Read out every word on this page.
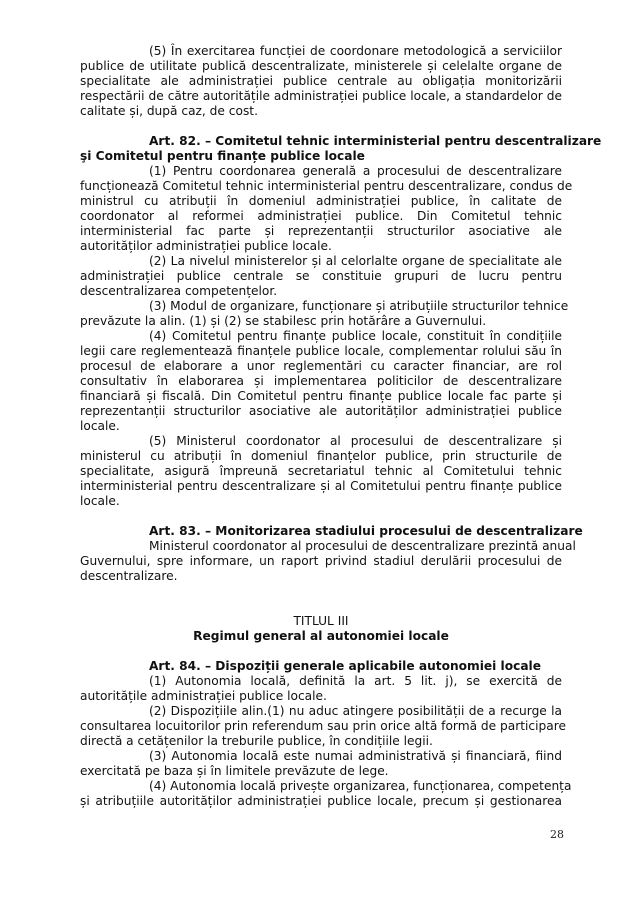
(5) În exercitarea funcției de coordonare metodologică a serviciilor
publice de utilitate publică descentralizate, ministerele și celelalte organe de
specialitate ale administrației publice centrale au obligația monitorizării
respectării de către autoritățile administrației publice locale, a standardelor de
calitate și, după caz, de cost.
Art. 82. – Comitetul tehnic interministerial pentru descentralizare
şi Comitetul pentru finanțe publice locale
(1) Pentru coordonarea generală a procesului de descentralizare
funcționează Comitetul tehnic interministerial pentru descentralizare, condus de
ministrul cu atribuții în domeniul administrației publice, în calitate de
coordonator al reformei administrației publice. Din Comitetul tehnic
interministerial fac parte și reprezentanții structurilor asociative ale
autorităților administrației publice locale.
(2) La nivelul ministerelor și al celorlalte organe de specialitate ale
administrației publice centrale se constituie grupuri de lucru pentru
descentralizarea competențelor.
(3) Modul de organizare, funcționare și atribuțiile structurilor tehnice
prevăzute la alin. (1) și (2) se stabilesc prin hotărâre a Guvernului.
(4) Comitetul pentru finanțe publice locale, constituit în condițiile
legii care reglementează finanțele publice locale, complementar rolului său în
procesul de elaborare a unor reglementări cu caracter financiar, are rol
consultativ în elaborarea și implementarea politicilor de descentralizare
financiară și fiscală. Din Comitetul pentru finanțe publice locale fac parte și
reprezentanții structurilor asociative ale autorităților administrației publice
locale.
(5) Ministerul coordonator al procesului de descentralizare și
ministerul cu atribuții în domeniul finanțelor publice, prin structurile de
specialitate, asigură împreună secretariatul tehnic al Comitetului tehnic
interministerial pentru descentralizare și al Comitetului pentru finanțe publice
locale.
Art. 83. – Monitorizarea stadiului procesului de descentralizare
Ministerul coordonator al procesului de descentralizare prezintă anual
Guvernului, spre informare, un raport privind stadiul derulării procesului de
descentralizare.
TITLUL III
Regimul general al autonomiei locale
Art. 84. – Dispoziții generale aplicabile autonomiei locale
(1) Autonomia locală, definită la art. 5 lit. j), se exercită de
autoritățile administrației publice locale.
(2) Dispozițiile alin.(1) nu aduc atingere posibilității de a recurge la
consultarea locuitorilor prin referendum sau prin orice altă formă de participare
directă a cetățenilor la treburile publice, în condițiile legii.
(3) Autonomia locală este numai administrativă și financiară, fiind
exercitată pe baza și în limitele prevăzute de lege.
(4) Autonomia locală privește organizarea, funcționarea, competența
și atribuțiile autorităților administrației publice locale, precum și gestionarea
28
